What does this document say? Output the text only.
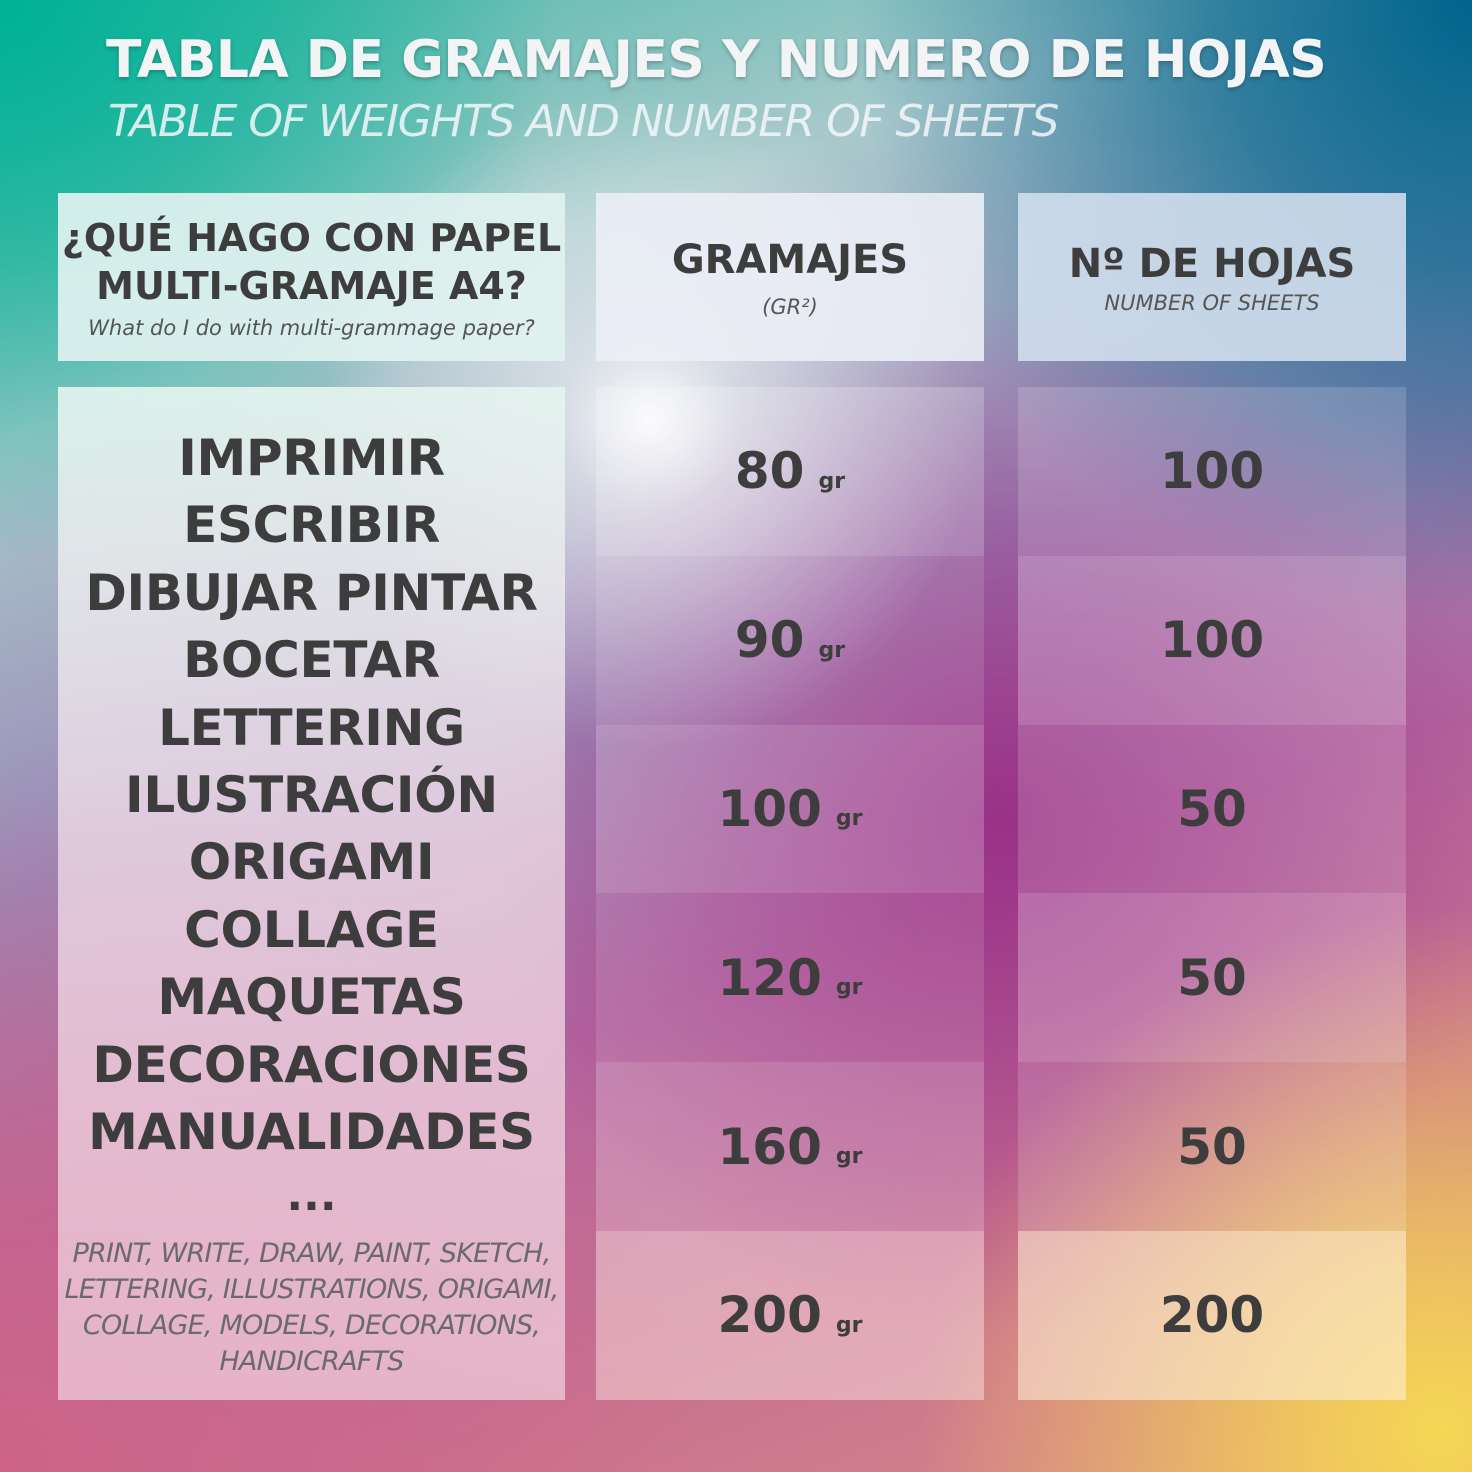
TABLA DE GRAMAJES Y NUMERO DE HOJAS
TABLE OF WEIGHTS AND NUMBER OF SHEETS
¿QUÉ HAGO CON PAPEL
MULTI-GRAMAJE A4?
What do I do with multi-grammage paper?
GRAMAJES
(GR²)
Nº DE HOJAS
NUMBER OF SHEETS
IMPRIMIR
ESCRIBIR
DIBUJAR PINTAR
BOCETAR
LETTERING
ILUSTRACIÓN
ORIGAMI
COLLAGE
MAQUETAS
DECORACIONES
MANUALIDADES
...
PRINT, WRITE, DRAW, PAINT, SKETCH, LETTERING, ILLUSTRATIONS, ORIGAMI, COLLAGE, MODELS, DECORATIONS, HANDICRAFTS
80 gr
90 gr
100 gr
120 gr
160 gr
200 gr
100
100
50
50
50
200
